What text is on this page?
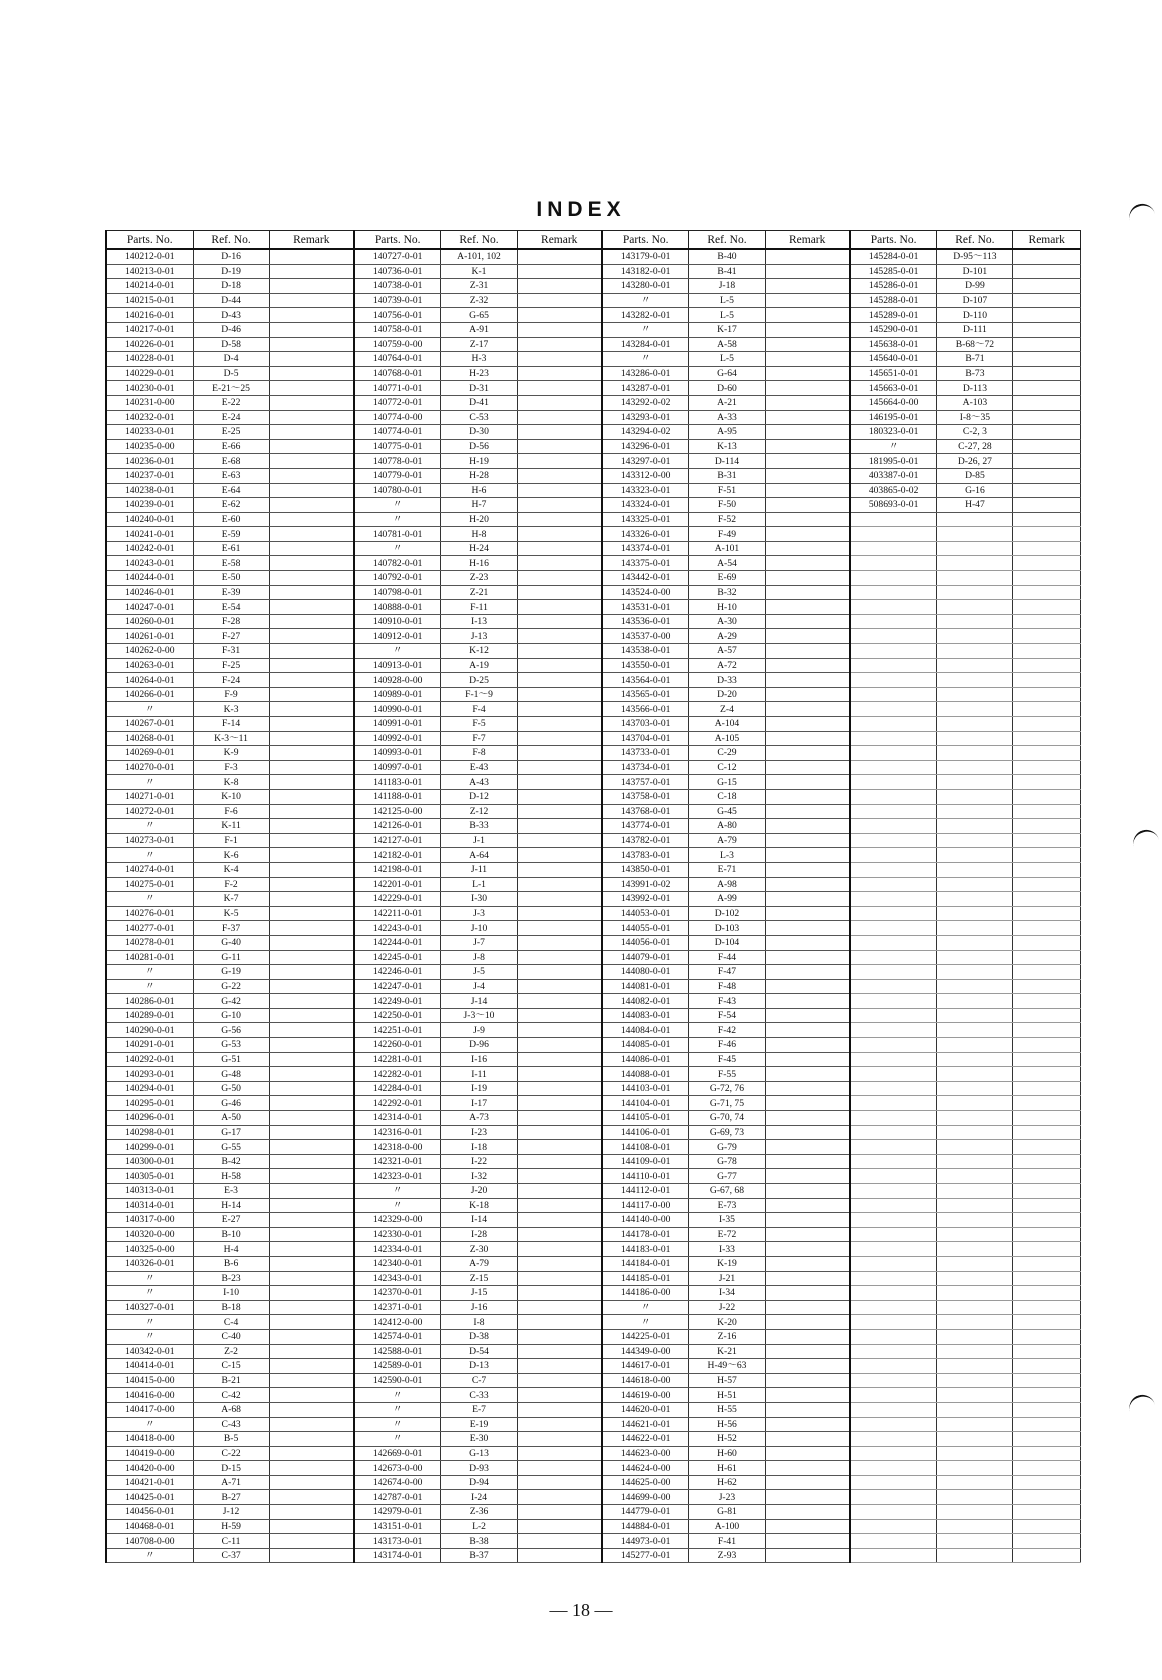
INDEX
Parts. No.	Ref. No.	Remark	Parts. No.	Ref. No.	Remark	Parts. No.	Ref. No.	Remark	Parts. No.	Ref. No.	Remark
140212-0-01	D-16		140727-0-01	A-101, 102		143179-0-01	B-40		145284-0-01	D-95～113	
140213-0-01	D-19		140736-0-01	K-1		143182-0-01	B-41		145285-0-01	D-101	
140214-0-01	D-18		140738-0-01	Z-31		143280-0-01	J-18		145286-0-01	D-99	
140215-0-01	D-44		140739-0-01	Z-32		〃	L-5		145288-0-01	D-107	
140216-0-01	D-43		140756-0-01	G-65		143282-0-01	L-5		145289-0-01	D-110	
140217-0-01	D-46		140758-0-01	A-91		〃	K-17		145290-0-01	D-111	
140226-0-01	D-58		140759-0-00	Z-17		143284-0-01	A-58		145638-0-01	B-68～72	
140228-0-01	D-4		140764-0-01	H-3		〃	L-5		145640-0-01	B-71	
140229-0-01	D-5		140768-0-01	H-23		143286-0-01	G-64		145651-0-01	B-73	
140230-0-01	E-21～25		140771-0-01	D-31		143287-0-01	D-60		145663-0-01	D-113	
140231-0-00	E-22		140772-0-01	D-41		143292-0-02	A-21		145664-0-00	A-103	
140232-0-01	E-24		140774-0-00	C-53		143293-0-01	A-33		146195-0-01	I-8～35	
140233-0-01	E-25		140774-0-01	D-30		143294-0-02	A-95		180323-0-01	C-2, 3	
140235-0-00	E-66		140775-0-01	D-56		143296-0-01	K-13		〃	C-27, 28	
140236-0-01	E-68		140778-0-01	H-19		143297-0-01	D-114		181995-0-01	D-26, 27	
140237-0-01	E-63		140779-0-01	H-28		143312-0-00	B-31		403387-0-01	D-85	
140238-0-01	E-64		140780-0-01	H-6		143323-0-01	F-51		403865-0-02	G-16	
140239-0-01	E-62		〃	H-7		143324-0-01	F-50		508693-0-01	H-47	
140240-0-01	E-60		〃	H-20		143325-0-01	F-52				
140241-0-01	E-59		140781-0-01	H-8		143326-0-01	F-49				
140242-0-01	E-61		〃	H-24		143374-0-01	A-101				
140243-0-01	E-58		140782-0-01	H-16		143375-0-01	A-54				
140244-0-01	E-50		140792-0-01	Z-23		143442-0-01	E-69				
140246-0-01	E-39		140798-0-01	Z-21		143524-0-00	B-32				
140247-0-01	E-54		140888-0-01	F-11		143531-0-01	H-10				
140260-0-01	F-28		140910-0-01	I-13		143536-0-01	A-30				
140261-0-01	F-27		140912-0-01	J-13		143537-0-00	A-29				
140262-0-00	F-31		〃	K-12		143538-0-01	A-57				
140263-0-01	F-25		140913-0-01	A-19		143550-0-01	A-72				
140264-0-01	F-24		140928-0-00	D-25		143564-0-01	D-33				
140266-0-01	F-9		140989-0-01	F-1～9		143565-0-01	D-20				
〃	K-3		140990-0-01	F-4		143566-0-01	Z-4				
140267-0-01	F-14		140991-0-01	F-5		143703-0-01	A-104				
140268-0-01	K-3～11		140992-0-01	F-7		143704-0-01	A-105				
140269-0-01	K-9		140993-0-01	F-8		143733-0-01	C-29				
140270-0-01	F-3		140997-0-01	E-43		143734-0-01	C-12				
〃	K-8		141183-0-01	A-43		143757-0-01	G-15				
140271-0-01	K-10		141188-0-01	D-12		143758-0-01	C-18				
140272-0-01	F-6		142125-0-00	Z-12		143768-0-01	G-45				
〃	K-11		142126-0-01	B-33		143774-0-01	A-80				
140273-0-01	F-1		142127-0-01	J-1		143782-0-01	A-79				
〃	K-6		142182-0-01	A-64		143783-0-01	L-3				
140274-0-01	K-4		142198-0-01	J-11		143850-0-01	E-71				
140275-0-01	F-2		142201-0-01	L-1		143991-0-02	A-98				
〃	K-7		142229-0-01	I-30		143992-0-01	A-99				
140276-0-01	K-5		142211-0-01	J-3		144053-0-01	D-102				
140277-0-01	F-37		142243-0-01	J-10		144055-0-01	D-103				
140278-0-01	G-40		142244-0-01	J-7		144056-0-01	D-104				
140281-0-01	G-11		142245-0-01	J-8		144079-0-01	F-44				
〃	G-19		142246-0-01	J-5		144080-0-01	F-47				
〃	G-22		142247-0-01	J-4		144081-0-01	F-48				
140286-0-01	G-42		142249-0-01	J-14		144082-0-01	F-43				
140289-0-01	G-10		142250-0-01	J-3～10		144083-0-01	F-54				
140290-0-01	G-56		142251-0-01	J-9		144084-0-01	F-42				
140291-0-01	G-53		142260-0-01	D-96		144085-0-01	F-46				
140292-0-01	G-51		142281-0-01	I-16		144086-0-01	F-45				
140293-0-01	G-48		142282-0-01	I-11		144088-0-01	F-55				
140294-0-01	G-50		142284-0-01	I-19		144103-0-01	G-72, 76				
140295-0-01	G-46		142292-0-01	I-17		144104-0-01	G-71, 75				
140296-0-01	A-50		142314-0-01	A-73		144105-0-01	G-70, 74				
140298-0-01	G-17		142316-0-01	I-23		144106-0-01	G-69, 73				
140299-0-01	G-55		142318-0-00	I-18		144108-0-01	G-79				
140300-0-01	B-42		142321-0-01	I-22		144109-0-01	G-78				
140305-0-01	H-58		142323-0-01	I-32		144110-0-01	G-77				
140313-0-01	E-3		〃	J-20		144112-0-01	G-67, 68				
140314-0-01	H-14		〃	K-18		144117-0-00	E-73				
140317-0-00	E-27		142329-0-00	I-14		144140-0-00	I-35				
140320-0-00	B-10		142330-0-01	I-28		144178-0-01	E-72				
140325-0-00	H-4		142334-0-01	Z-30		144183-0-01	I-33				
140326-0-01	B-6		142340-0-01	A-79		144184-0-01	K-19				
〃	B-23		142343-0-01	Z-15		144185-0-01	J-21				
〃	I-10		142370-0-01	J-15		144186-0-00	I-34				
140327-0-01	B-18		142371-0-01	J-16		〃	J-22				
〃	C-4		142412-0-00	I-8		〃	K-20				
〃	C-40		142574-0-01	D-38		144225-0-01	Z-16				
140342-0-01	Z-2		142588-0-01	D-54		144349-0-00	K-21				
140414-0-01	C-15		142589-0-01	D-13		144617-0-01	H-49～63				
140415-0-00	B-21		142590-0-01	C-7		144618-0-00	H-57				
140416-0-00	C-42		〃	C-33		144619-0-00	H-51				
140417-0-00	A-68		〃	E-7		144620-0-01	H-55				
〃	C-43		〃	E-19		144621-0-01	H-56				
140418-0-00	B-5		〃	E-30		144622-0-01	H-52				
140419-0-00	C-22		142669-0-01	G-13		144623-0-00	H-60				
140420-0-00	D-15		142673-0-00	D-93		144624-0-00	H-61				
140421-0-01	A-71		142674-0-00	D-94		144625-0-00	H-62				
140425-0-01	B-27		142787-0-01	I-24		144699-0-00	J-23				
140456-0-01	J-12		142979-0-01	Z-36		144779-0-01	G-81				
140468-0-01	H-59		143151-0-01	L-2		144884-0-01	A-100				
140708-0-00	C-11		143173-0-01	B-38		144973-0-01	F-41				
〃	C-37		143174-0-01	B-37		145277-0-01	Z-93				
— 18 —
